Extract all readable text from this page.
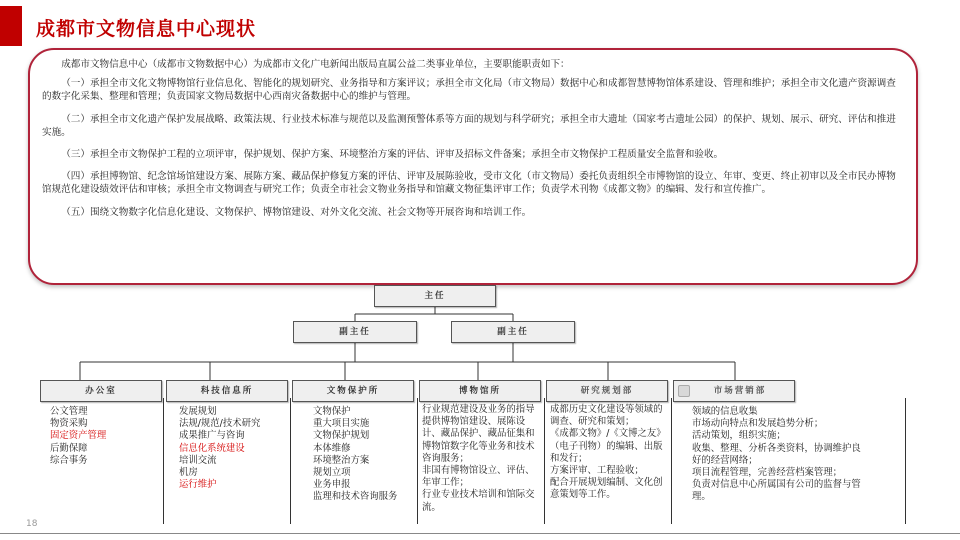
成都市文物信息中心现状

成都市文物信息中心（成都市文物数据中心）为成都市文化广电新闻出版局直属公益二类事业单位，主要职能职责如下：

（一）承担全市文化文物博物馆行业信息化、智能化的规划研究、业务指导和方案评议；承担全市文化局（市文物局）数据中心和成都智慧博物馆体系建设、管理和维护；承担全市文化遗产资源调查的数字化采集、整理和管理；负责国家文物局数据中心西南灾备数据中心的维护与管理。

（二）承担全市文化遗产保护发展战略、政策法规、行业技术标准与规范以及监测预警体系等方面的规划与科学研究；承担全市大遗址（国家考古遗址公园）的保护、规划、展示、研究、评估和推进实施。

（三）承担全市文物保护工程的立项评审，保护规划、保护方案、环境整治方案的评估、评审及招标文件备案；承担全市文物保护工程质量安全监督和验收。

（四）承担博物馆、纪念馆场馆建设方案、展陈方案、藏品保护修复方案的评估、评审及展陈验收，受市文化（市文物局）委托负责组织全市博物馆的设立、年审、变更、终止初审以及全市民办博物馆规范化建设绩效评估和审核；承担全市文物调查与研究工作；负责全市社会文物业务指导和馆藏文物征集评审工作；负责学术刊物《成都文物》的编辑、发行和宣传推广。

（五）围绕文物数字化信息化建设、文物保护、博物馆建设、对外文化交流、社会文物等开展咨询和培训工作。

主任
副主任	副主任
办公室	科技信息所	文物保护所	博物馆所	研究规划部	市场营销部
公文管理
物资采购
固定资产管理
后勤保障
综合事务
发展规划
法规/规范/技术研究
成果推广与咨询
信息化系统建设
培训交流
机房
运行维护
文物保护
重大项目实施
文物保护规划
本体维修
环境整治方案
规划立项
业务申报
监理和技术咨询服务
行业规范建设及业务的指导提供博物馆建设、展陈设计、藏品保护、藏品征集和博物馆数字化等业务和技术咨询服务；
非国有博物馆设立、评估、年审工作；
行业专业技术培训和馆际交流。
成都历史文化建设等领域的调查、研究和策划；
《成都文物》/《文博之友》（电子刊物）的编辑、出版和发行；
方案评审、工程验收；
配合开展规划编制、文化创意策划等工作。
领域的信息收集
市场动向特点和发展趋势分析；
活动策划，组织实施；
收集、整理、分析各类资料，协调维护良好的经营网络；
项目流程管理，完善经营档案管理；
负责对信息中心所属国有公司的监督与管理。
18
